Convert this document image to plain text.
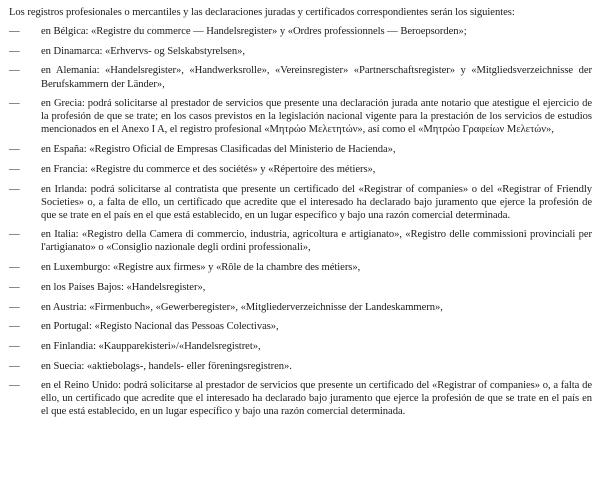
Los registros profesionales o mercantiles y las declaraciones juradas y certificados correspondientes serán los siguientes:

—	en Bélgica: «Registre du commerce — Handelsregister» y «Ordres professionnels — Beroepsorden»;
—	en Dinamarca: «Erhvervs- og Selskabstyrelsen»,
—	en Alemania: «Handelsregister», «Handwerksrolle», «Vereinsregister» «Partnerschaftsregister» y «Mitgliedsverzeichnisse der Berufskammern der Länder»,
—	en Grecia: podrá solicitarse al prestador de servicios que presente una declaración jurada ante notario que atestigue el ejercicio de la profesión de que se trate; en los casos previstos en la legislación nacional vigente para la prestación de los servicios de estudios mencionados en el Anexo I A, el registro profesional «Μητρώο Μελετητών», así como el «Μητρώο Γραφείων Μελετών»,
—	en España: «Registro Oficial de Empresas Clasificadas del Ministerio de Hacienda»,
—	en Francia: «Registre du commerce et des sociétés» y «Répertoire des métiers»,
—	en Irlanda: podrá solicitarse al contratista que presente un certificado del «Registrar of companies» o del «Registrar of Friendly Societies» o, a falta de ello, un certificado que acredite que el interesado ha declarado bajo juramento que ejerce la profesión de que se trate en el país en el que está establecido, en un lugar específico y bajo una razón comercial determinada.
—	en Italia: «Registro della Camera di commercio, industria, agricoltura e artigianato», «Registro delle commissioni provinciali per l'artigianato» o «Consiglio nazionale degli ordini professionali»,
—	en Luxemburgo: «Registre aux firmes» y «Rôle de la chambre des métiers»,
—	en los Países Bajos: «Handelsregister»,
—	en Austria: «Firmenbuch», «Gewerberegister», «Mitgliederverzeichnisse der Landeskammern»,
—	en Portugal: «Registo Nacional das Pessoas Colectivas»,
—	en Finlandia: «Kaupparekisteri»/«Handelsregistret»,
—	en Suecia: «aktiebolags-, handels- eller föreningsregistren».
—	en el Reino Unido: podrá solicitarse al prestador de servicios que presente un certificado del «Registrar of companies» o, a falta de ello, un certificado que acredite que el interesado ha declarado bajo juramento que ejerce la profesión de que se trate en el país en el que está establecido, en un lugar específico y bajo una razón comercial determinada.
